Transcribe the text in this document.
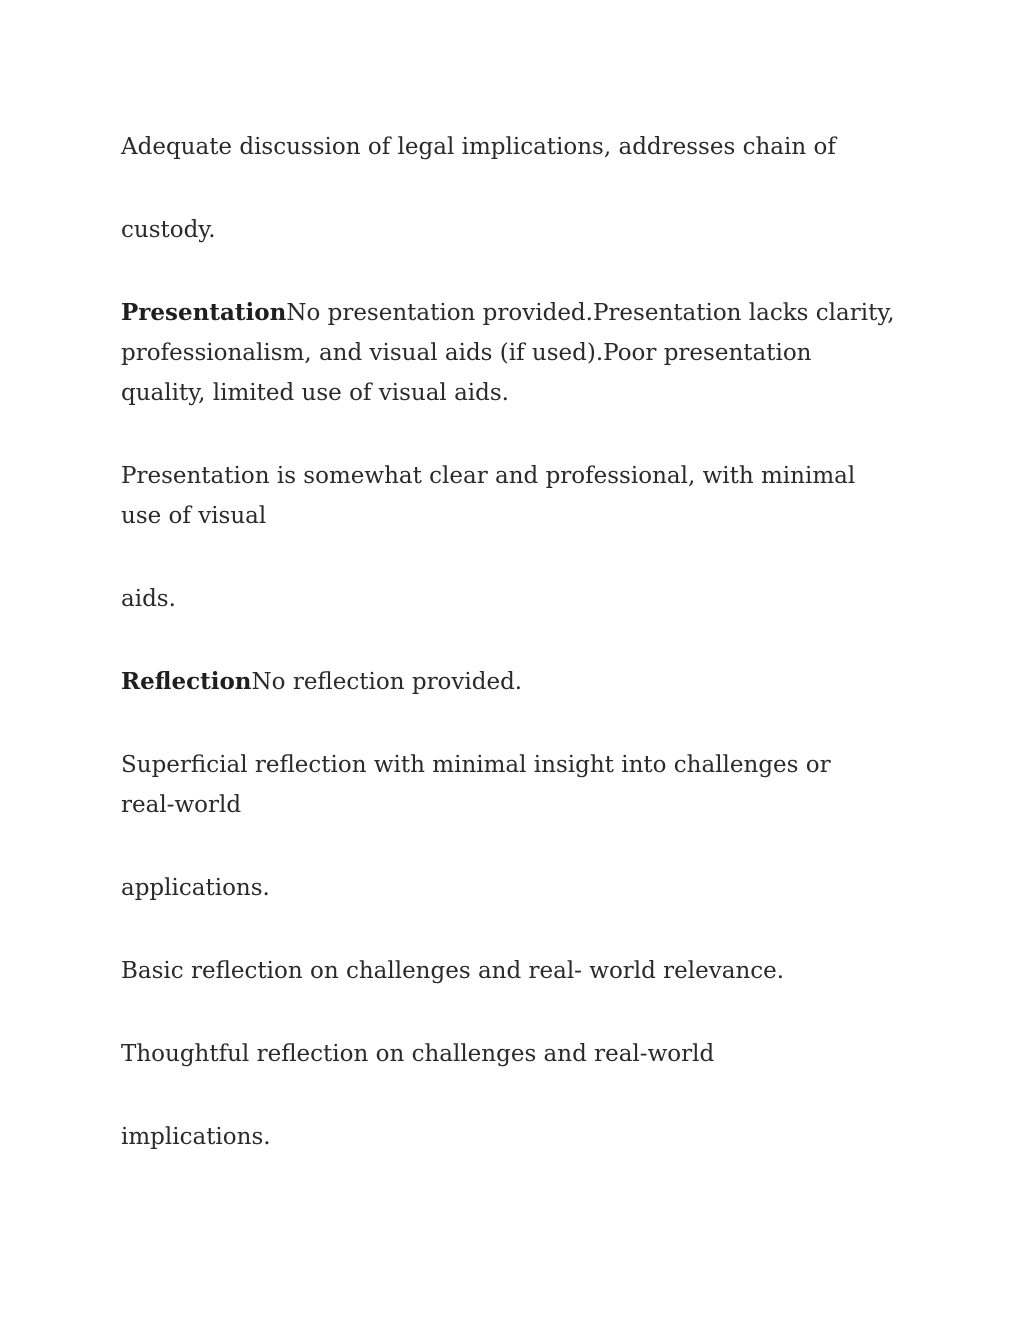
Adequate discussion of legal implications, addresses chain of

custody.

PresentationNo presentation provided.Presentation lacks clarity, professionalism, and visual aids (if used).Poor presentation quality, limited use of visual aids.

Presentation is somewhat clear and professional, with minimal use of visual

aids.

ReflectionNo reflection provided.

Superficial reflection with minimal insight into challenges or real-world

applications.

Basic reflection on challenges and real- world relevance.

Thoughtful reflection on challenges and real-world

implications.
